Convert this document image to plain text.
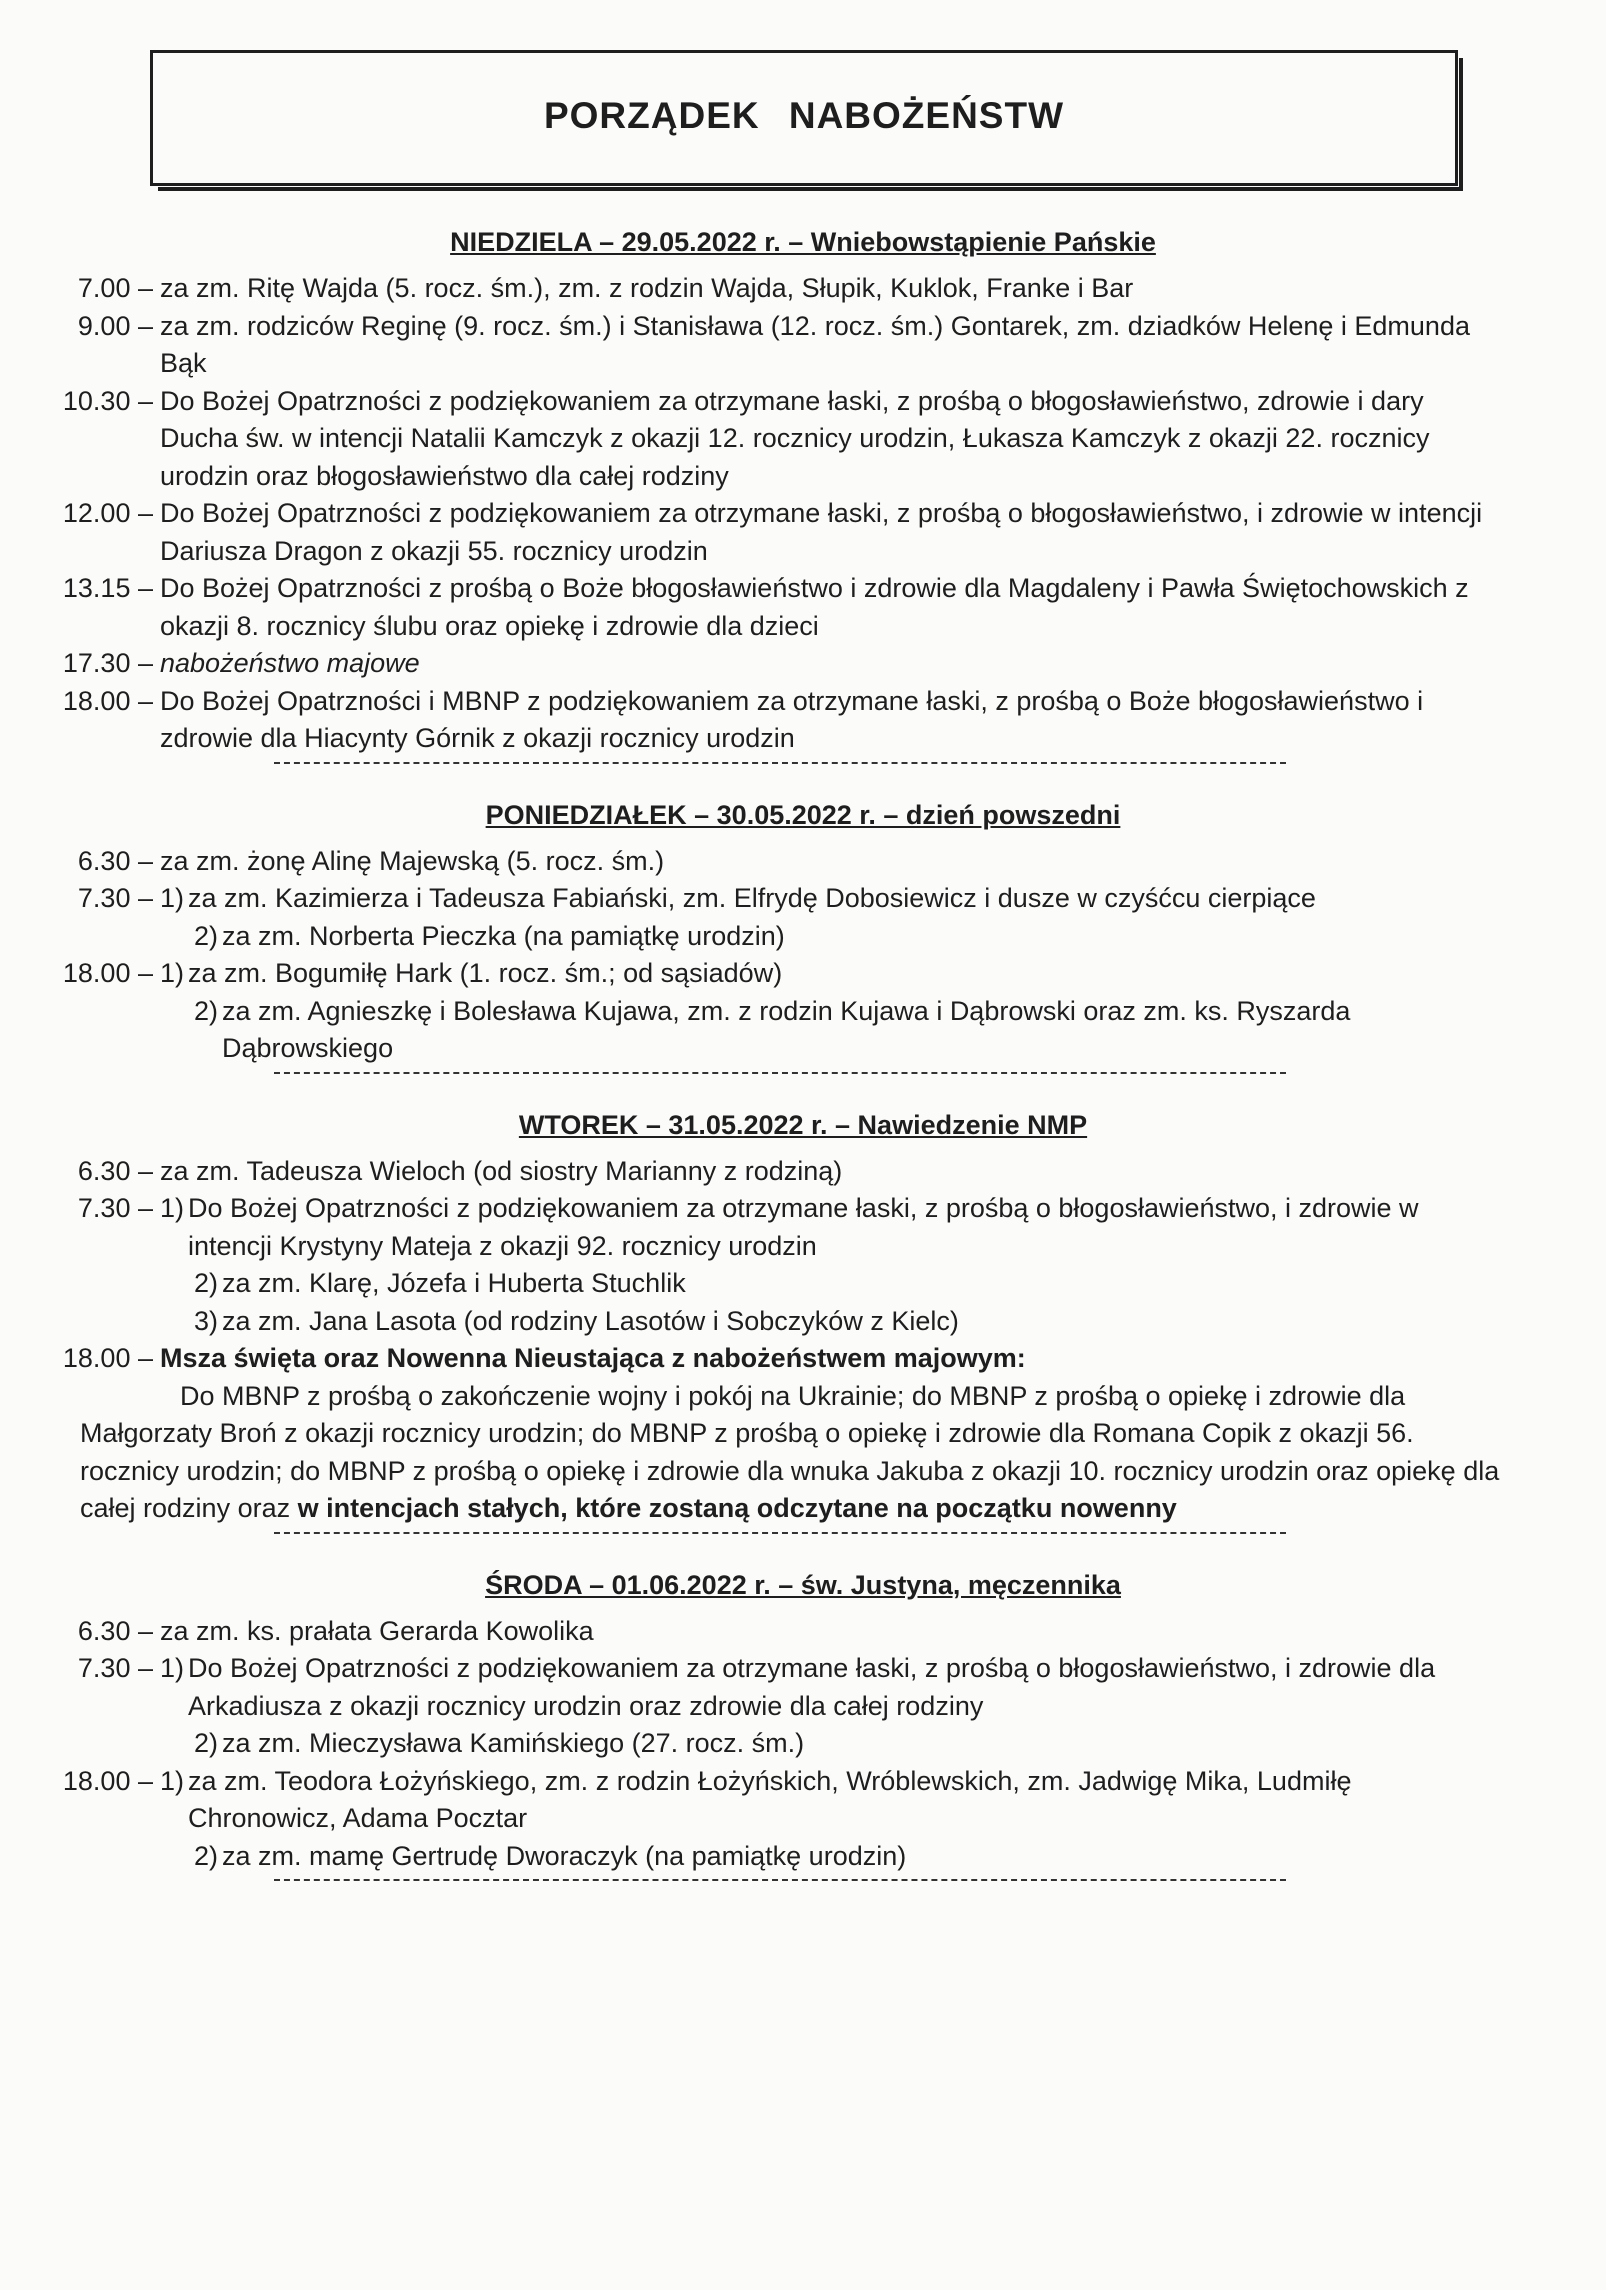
PORZĄDEK NABOŻEŃSTW
NIEDZIELA – 29.05.2022 r. – Wniebowstąpienie Pańskie
7.00 – za zm. Ritę Wajda (5. rocz. śm.), zm. z rodzin Wajda, Słupik, Kuklok, Franke i Bar
9.00 – za zm. rodziców Reginę (9. rocz. śm.) i Stanisława (12. rocz. śm.) Gontarek, zm. dziadków Helenę i Edmunda Bąk
10.30 – Do Bożej Opatrzności z podziękowaniem za otrzymane łaski, z prośbą o błogosławieństwo, zdrowie i dary Ducha św. w intencji Natalii Kamczyk z okazji 12. rocznicy urodzin, Łukasza Kamczyk z okazji 22. rocznicy urodzin oraz błogosławieństwo dla całej rodziny
12.00 – Do Bożej Opatrzności z podziękowaniem za otrzymane łaski, z prośbą o błogosławieństwo, i zdrowie w intencji Dariusza Dragon z okazji 55. rocznicy urodzin
13.15 – Do Bożej Opatrzności z prośbą o Boże błogosławieństwo i zdrowie dla Magdaleny i Pawła Świętochowskich z okazji 8. rocznicy ślubu oraz opiekę i zdrowie dla dzieci
17.30 – nabożeństwo majowe
18.00 – Do Bożej Opatrzności i MBNP z podziękowaniem za otrzymane łaski, z prośbą o Boże błogosławieństwo i zdrowie dla Hiacynty Górnik z okazji rocznicy urodzin
PONIEDZIAŁEK – 30.05.2022 r. – dzień powszedni
6.30 – za zm. żonę Alinę Majewską (5. rocz. śm.)
7.30 – 1) za zm. Kazimierza i Tadeusza Fabiański, zm. Elfrydę Dobosiewicz i dusze w czyśćcu cierpiące
2) za zm. Norberta Pieczka (na pamiątkę urodzin)
18.00 – 1) za zm. Bogumiłę Hark (1. rocz. śm.; od sąsiadów)
2) za zm. Agnieszkę i Bolesława Kujawa, zm. z rodzin Kujawa i Dąbrowski oraz zm. ks. Ryszarda Dąbrowskiego
WTOREK – 31.05.2022 r. – Nawiedzenie NMP
6.30 – za zm. Tadeusza Wieloch (od siostry Marianny z rodziną)
7.30 – 1) Do Bożej Opatrzności z podziękowaniem za otrzymane łaski, z prośbą o błogosławieństwo, i zdrowie w intencji Krystyny Mateja z okazji 92. rocznicy urodzin
2) za zm. Klarę, Józefa i Huberta Stuchlik
3) za zm. Jana Lasota (od rodziny Lasotów i Sobczyków z Kielc)
18.00 – Msza święta oraz Nowenna Nieustająca z nabożeństwem majowym:
Do MBNP z prośbą o zakończenie wojny i pokój na Ukrainie; do MBNP z prośbą o opiekę i zdrowie dla Małgorzaty Broń z okazji rocznicy urodzin; do MBNP z prośbą o opiekę i zdrowie dla Romana Copik z okazji 56. rocznicy urodzin; do MBNP z prośbą o opiekę i zdrowie dla wnuka Jakuba z okazji 10. rocznicy urodzin oraz opiekę dla całej rodziny oraz w intencjach stałych, które zostaną odczytane na początku nowenny
ŚRODA – 01.06.2022 r. – św. Justyna, męczennika
6.30 – za zm. ks. prałata Gerarda Kowolika
7.30 – 1) Do Bożej Opatrzności z podziękowaniem za otrzymane łaski, z prośbą o błogosławieństwo, i zdrowie dla Arkadiusza z okazji rocznicy urodzin oraz zdrowie dla całej rodziny
2) za zm. Mieczysława Kamińskiego (27. rocz. śm.)
18.00 – 1) za zm. Teodora Łożyńskiego, zm. z rodzin Łożyńskich, Wróblewskich, zm. Jadwigę Mika, Ludmiłę Chronowicz, Adama Pocztar
2) za zm. mamę Gertrudę Dworaczyk (na pamiątkę urodzin)
